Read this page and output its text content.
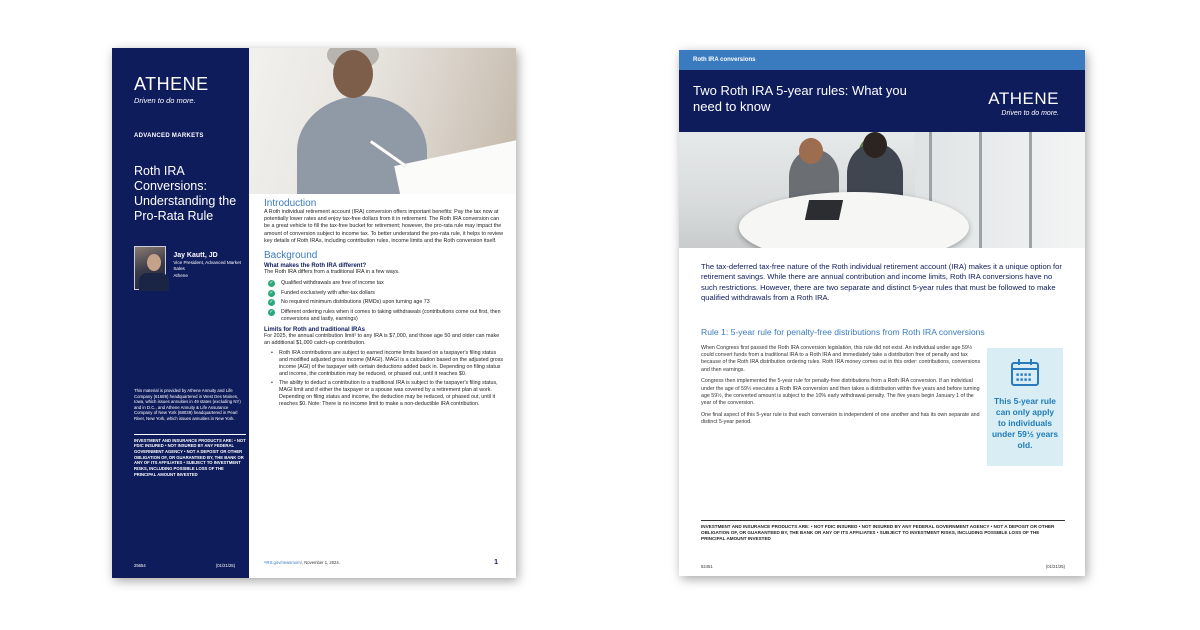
ATHENE
Driven to do more.
ADVANCED MARKETS
Roth IRA Conversions: Understanding the Pro-Rata Rule
Jay Kautt, JD
Vice President, Advanced Market Sales
Athene
This material is provided by Athene Annuity and Life Company (61689) headquartered in West Des Moines, Iowa, which issues annuities in 49 states (excluding NY) and in D.C., and Athene Annuity & Life Assurance Company of New York (68039) headquartered in Pearl River, New York, which issues annuities in New York.
INVESTMENT AND INSURANCE PRODUCTS ARE: • NOT FDIC INSURED • NOT INSURED BY ANY FEDERAL GOVERNMENT AGENCY • NOT A DEPOSIT OR OTHER OBLIGATION OF, OR GUARANTEED BY, THE BANK OR ANY OF ITS AFFILIATES • SUBJECT TO INVESTMENT RISKS, INCLUDING POSSIBLE LOSS OF THE PRINCIPAL AMOUNT INVESTED
25654	(01/21/25)
Introduction
A Roth individual retirement account (IRA) conversion offers important benefits: Pay the tax now at potentially lower rates and enjoy tax-free dollars from it in retirement. The Roth IRA conversion can be a great vehicle to fill the tax-free bucket for retirement; however, the pro-rata rule may impact the amount of conversion subject to income tax. To better understand the pro-rata rule, it helps to review key details of Roth IRAs, including contribution rules, income limits and the Roth conversion itself.
Background
What makes the Roth IRA different?
The Roth IRA differs from a traditional IRA in a few ways.
✓ Qualified withdrawals are free of income tax
✓ Funded exclusively with after-tax dollars
✓ No required minimum distributions (RMDs) upon turning age 73
✓ Different ordering rules when it comes to taking withdrawals (contributions come out first, then conversions and lastly, earnings)
Limits for Roth and traditional IRAs
For 2025, the annual contribution limit¹ to any IRA is $7,000, and those age 50 and older can make an additional $1,000 catch-up contribution.
• Roth IRA contributions are subject to earned income limits based on a taxpayer's filing status and modified adjusted gross income (MAGI). MAGI is a calculation based on the adjusted gross income (AGI) of the taxpayer with certain deductions added back in. Depending on filing status and income, the contribution may be reduced, or phased out, until it reaches $0.
• The ability to deduct a contribution to a traditional IRA is subject to the taxpayer's filing status, MAGI limit and if either the taxpayer or a spouse was covered by a retirement plan at work. Depending on filing status and income, the deduction may be reduced, or phased out, until it reaches $0. Note: There is no income limit to make a non-deductible IRA contribution.
¹IRS.gov/newsroom/, November 1, 2024.	1
Roth IRA conversions
Two Roth IRA 5-year rules: What you need to know	ATHENE
Driven to do more.
The tax-deferred tax-free nature of the Roth individual retirement account (IRA) makes it a unique option for retirement savings. While there are annual contribution and income limits, Roth IRA conversions have no such restrictions. However, there are two separate and distinct 5-year rules that must be followed to make qualified withdrawals from a Roth IRA.
Rule 1: 5-year rule for penalty-free distributions from Roth IRA conversions

When Congress first passed the Roth IRA conversion legislation, this rule did not exist. An individual under age 59½ could convert funds from a traditional IRA to a Roth IRA and immediately take a distribution free of penalty and tax because of the Roth IRA distribution ordering rules. Roth IRA money comes out in this order: contributions, conversions and then earnings.

Congress then implemented the 5-year rule for penalty-free distributions from a Roth IRA conversion. If an individual under the age of 59½ executes a Roth IRA conversion and then takes a distribution within five years and before turning age 59½, the converted amount is subject to the 10% early withdrawal penalty. The five years begin January 1 of the year of the conversion.

One final aspect of this 5-year rule is that each conversion is independent of one another and has its own separate and distinct 5-year period.

■■■■
■■■■
This 5-year rule can only apply to individuals under 59½ years old.
INVESTMENT AND INSURANCE PRODUCTS ARE: • NOT FDIC INSURED • NOT INSURED BY ANY FEDERAL GOVERNMENT AGENCY • NOT A DEPOSIT OR OTHER OBLIGATION OF, OR GUARANTEED BY, THE BANK OR ANY OF ITS AFFILIATES • SUBJECT TO INVESTMENT RISKS, INCLUDING POSSIBLE LOSS OF THE PRINCIPAL AMOUNT INVESTED
52451	(01/21/25)
